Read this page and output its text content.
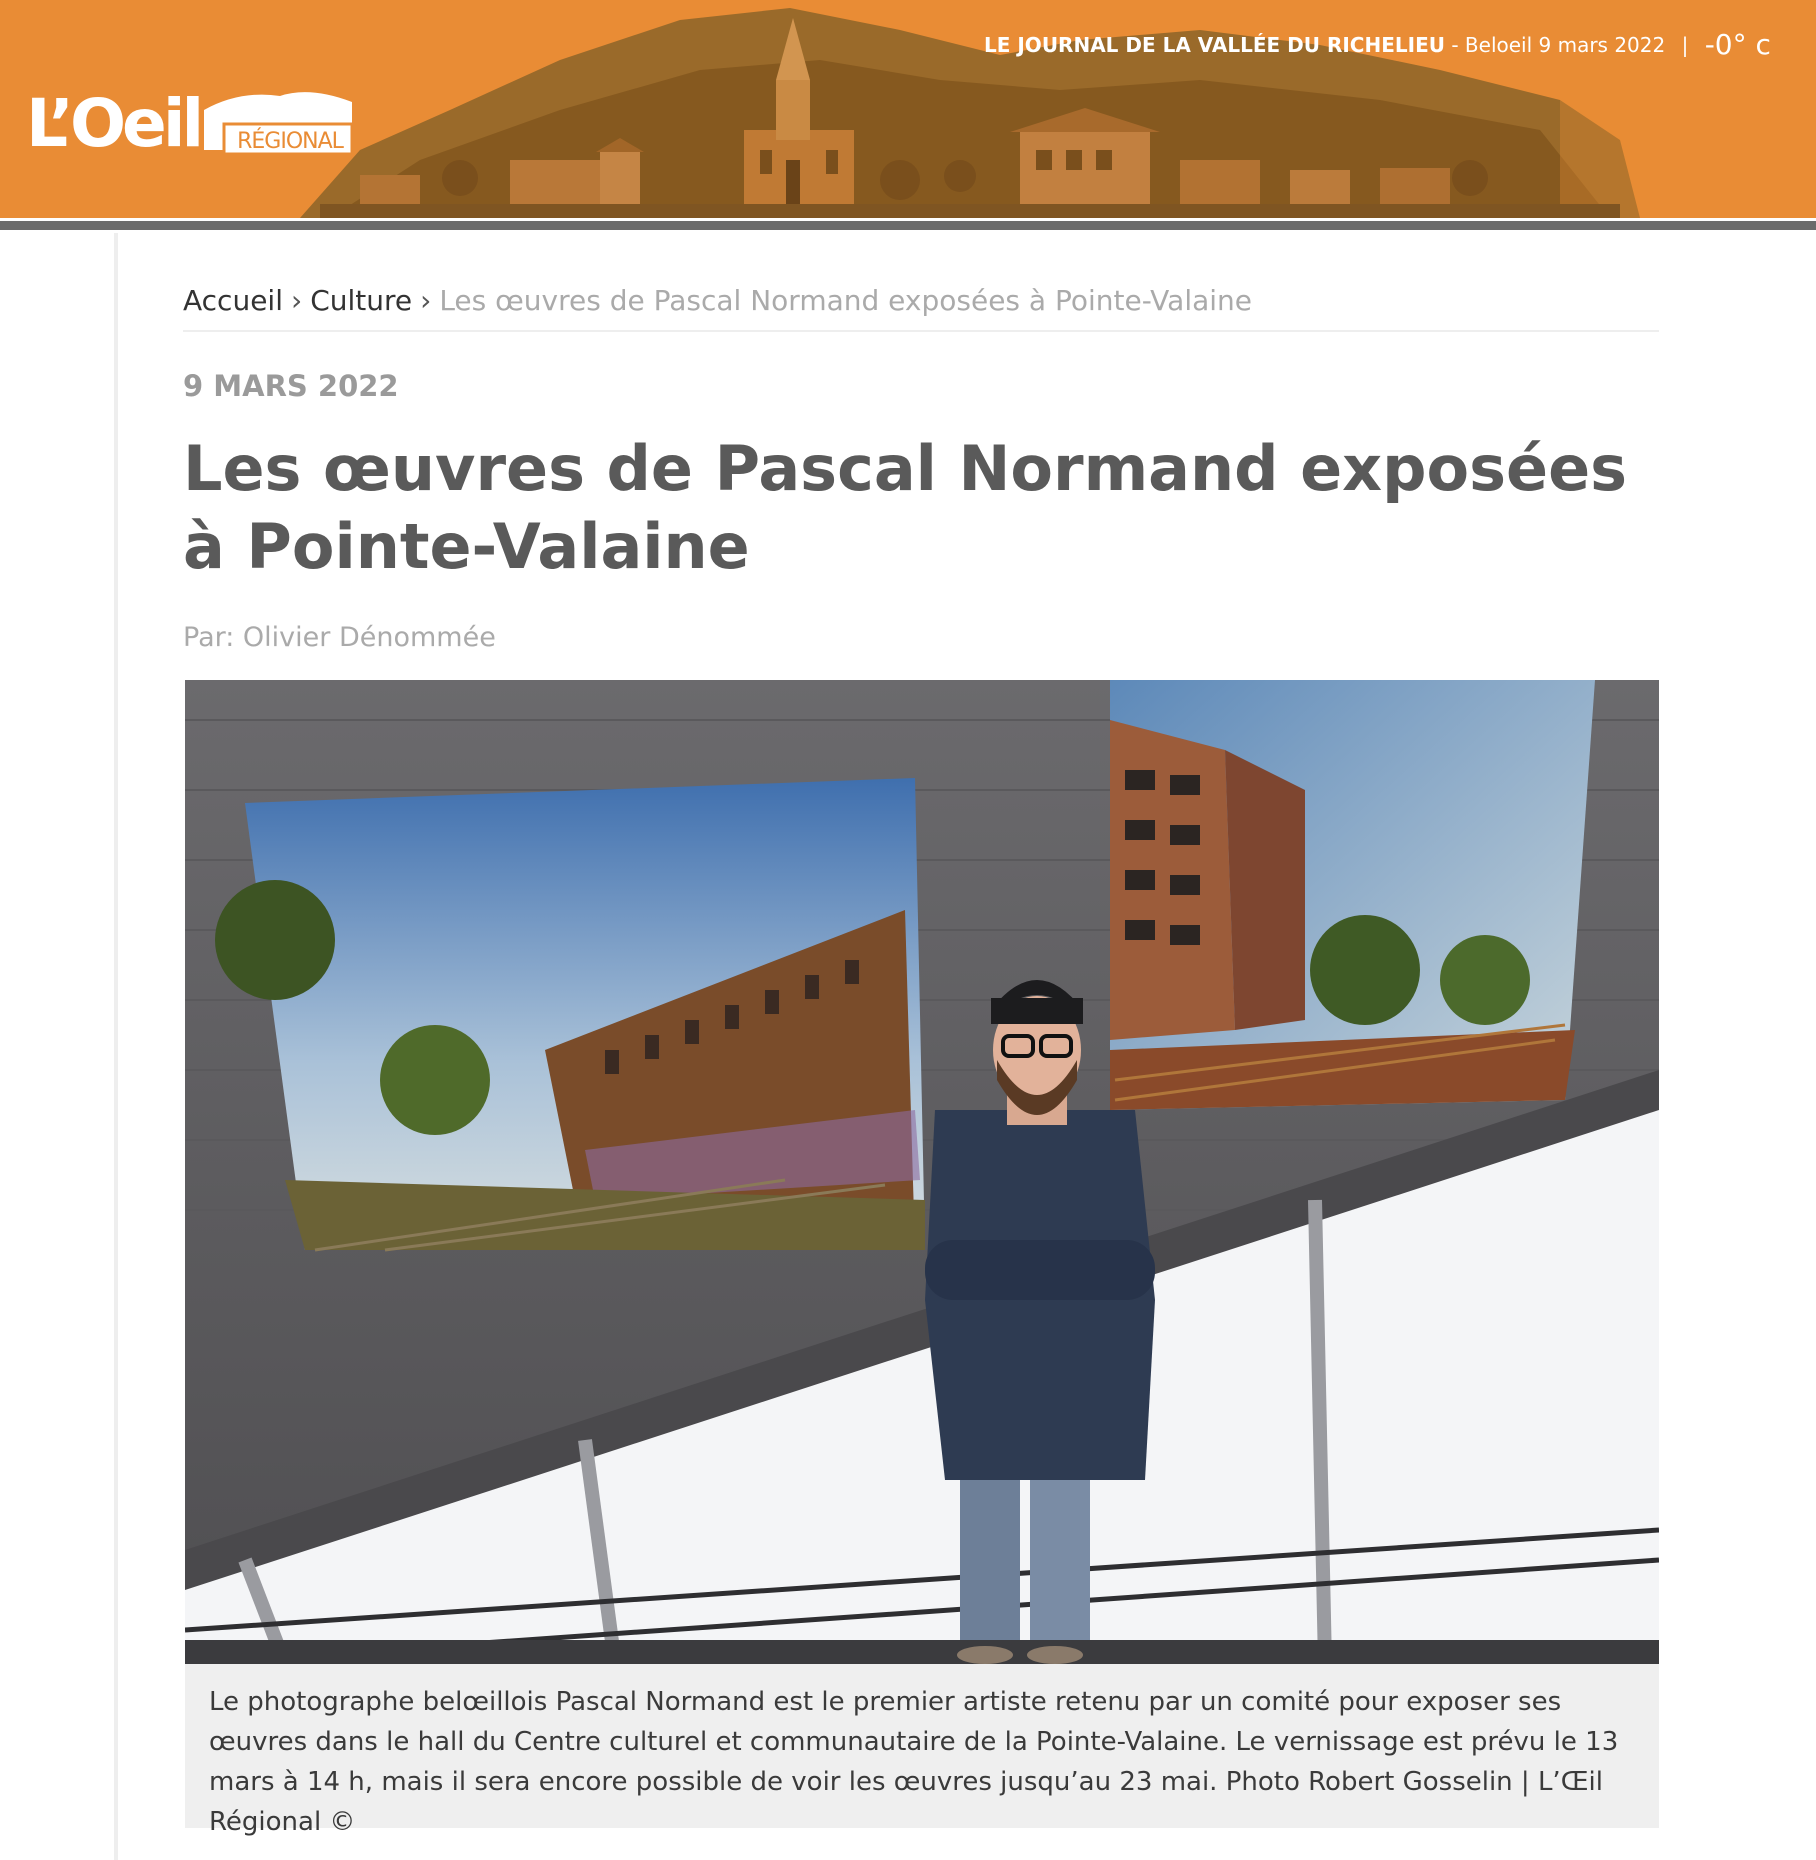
L’Oeil	RÉGIONAL
LE JOURNAL DE LA VALLÉE DU RICHELIEU - Beloeil 9 mars 2022 | -0° c
Accueil › Culture › Les œuvres de Pascal Normand exposées à Pointe-Valaine
9 MARS 2022
Les œuvres de Pascal Normand exposées à Pointe-Valaine
Par: Olivier Dénommée
Le photographe belœillois Pascal Normand est le premier artiste retenu par un comité pour exposer ses œuvres dans le hall du Centre culturel et communautaire de la Pointe-Valaine. Le vernissage est prévu le 13 mars à 14 h, mais il sera encore possible de voir les œuvres jusqu’au 23 mai. Photo Robert Gosselin | L’Œil Régional ©
